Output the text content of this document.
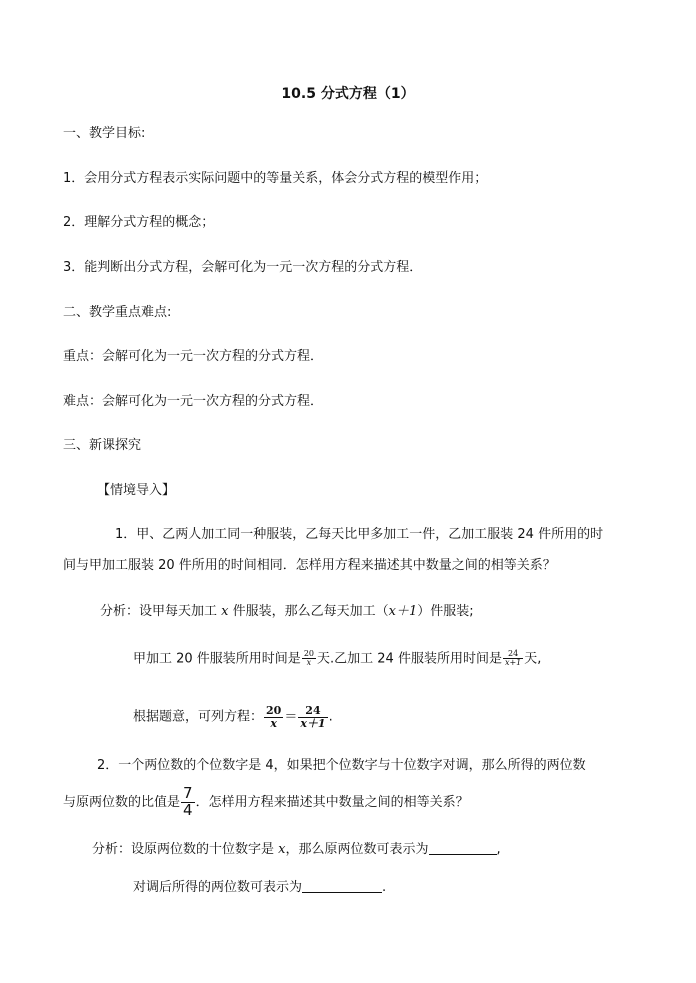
10.5 分式方程（1）
一、教学目标:
1．会用分式方程表示实际问题中的等量关系，体会分式方程的模型作用；
2．理解分式方程的概念；
3．能判断出分式方程，会解可化为一元一次方程的分式方程．
二、教学重点难点:
重点：会解可化为一元一次方程的分式方程．
难点：会解可化为一元一次方程的分式方程．
三、新课探究
【情境导入】
1．甲、乙两人加工同一种服装，乙每天比甲多加工一件，乙加工服装 24 件所用的时
间与甲加工服装 20 件所用的时间相同．怎样用方程来描述其中数量之间的相等关系？
分析：设甲每天加工 x 件服装，那么乙每天加工（x＋1）件服装;
甲加工 20 件服装所用时间是 $\frac{20}{x}$ 天.乙加工 24 件服装所用时间是 $\frac{24}{x+1}$ 天,
根据题意，可列方程： $\frac{20}{x} = \frac{24}{x+1}$ .
2．一个两位数的个位数字是 4，如果把个位数字与十位数字对调，那么所得的两位数
与原两位数的比值是 $\frac{7}{4}$ ．怎样用方程来描述其中数量之间的相等关系？
分析：设原两位数的十位数字是 x，那么原两位数可表示为	,
对调后所得的两位数可表示为	.
